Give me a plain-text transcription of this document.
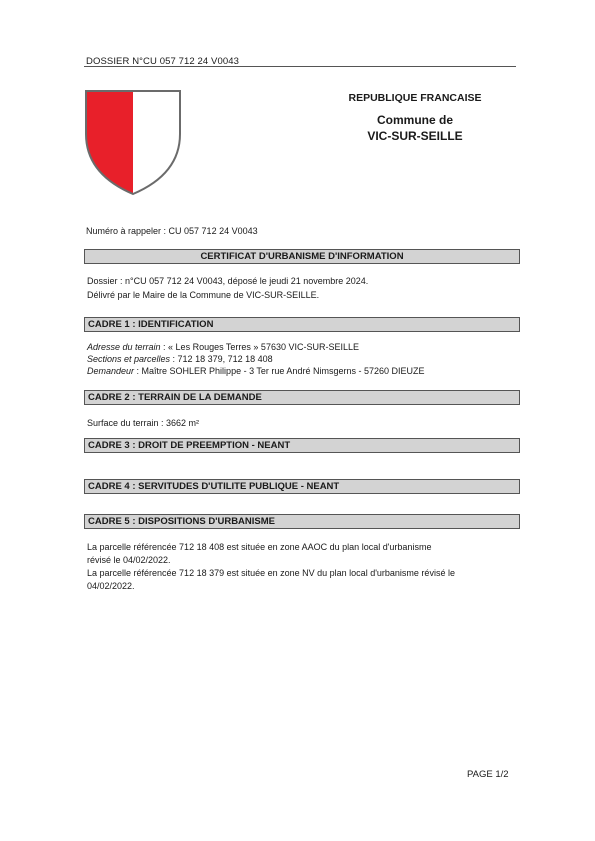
DOSSIER N°CU 057 712 24 V0043
REPUBLIQUE FRANCAISE
Commune de
VIC-SUR-SEILLE
Numéro à rappeler : CU 057 712 24 V0043
CERTIFICAT D'URBANISME D'INFORMATION
Dossier : n°CU 057 712 24 V0043, déposé le jeudi 21 novembre 2024.
Délivré par le Maire de la Commune de VIC-SUR-SEILLE.
CADRE 1 : IDENTIFICATION
Adresse du terrain : « Les Rouges Terres » 57630 VIC-SUR-SEILLE
Sections et parcelles : 712 18 379, 712 18 408
Demandeur : Maître SOHLER Philippe - 3 Ter rue André Nimsgerns - 57260 DIEUZE
CADRE 2 : TERRAIN DE LA DEMANDE
Surface du terrain : 3662 m²
CADRE 3 : DROIT DE PREEMPTION - NEANT
CADRE 4 : SERVITUDES D'UTILITE PUBLIQUE - NEANT
CADRE 5 : DISPOSITIONS D'URBANISME
La parcelle référencée 712 18 408 est située en zone AAOC du plan local d'urbanisme
révisé le 04/02/2022.
La parcelle référencée 712 18 379 est située en zone NV du plan local d'urbanisme révisé le
04/02/2022.
PAGE 1/2
